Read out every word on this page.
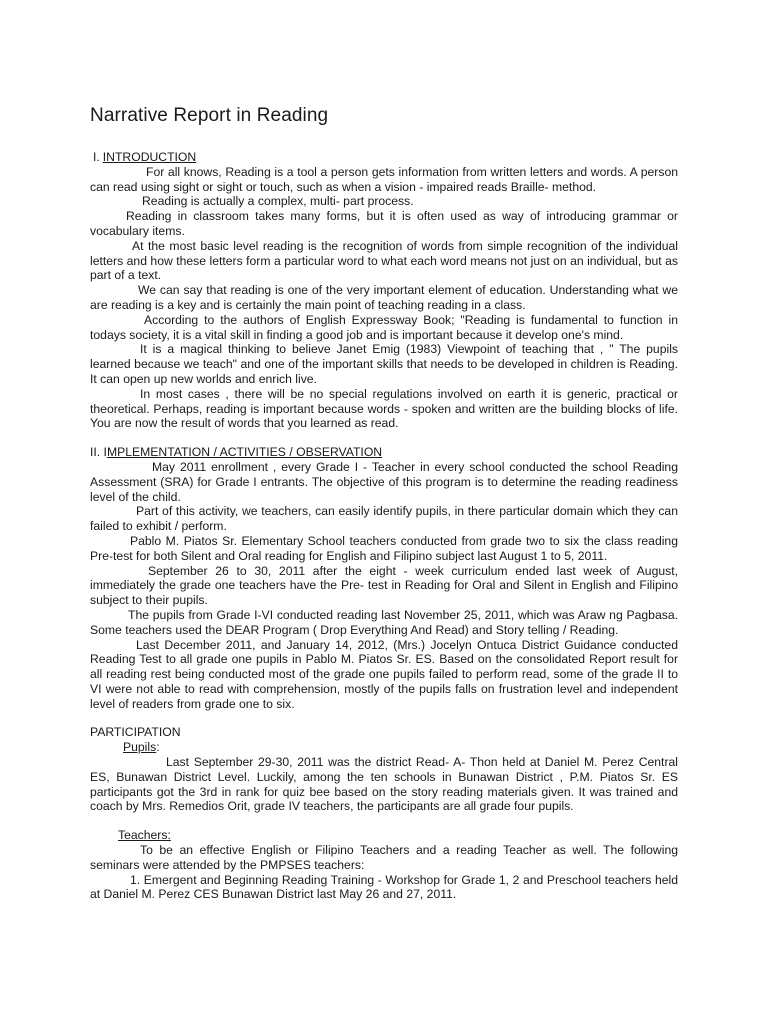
Narrative Report in Reading

I. INTRODUCTION

For all knows, Reading is a tool a person gets information from written letters and words. A person can read using sight or sight or touch, such as when a vision - impaired reads Braille- method.

Reading is actually a complex, multi- part process.

Reading in classroom takes many forms, but it is often used as way of introducing grammar or vocabulary items.

At the most basic level reading is the recognition of words from simple recognition of the individual letters and how these letters form a particular word to what each word means not just on an individual, but as part of a text.

We can say that reading is one of the very important element of education. Understanding what we are reading is a key and is certainly the main point of teaching reading in a class.

According to the authors of English Expressway Book; "Reading is fundamental to function in todays society, it is a vital skill in finding a good job and is important because it develop one's mind.

It is a magical thinking to believe Janet Emig (1983) Viewpoint of teaching that , " The pupils learned because we teach" and one of the important skills that needs to be developed in children is Reading. It can open up new worlds and enrich live.

In most cases , there will be no special regulations involved on earth it is generic, practical or theoretical. Perhaps, reading is important because words - spoken and written are the building blocks of life. You are now the result of words that you learned as read.

II. IMPLEMENTATION / ACTIVITIES / OBSERVATION

May 2011 enrollment , every Grade I - Teacher in every school conducted the school Reading Assessment (SRA) for Grade I entrants. The objective of this program is to determine the reading readiness level of the child.

Part of this activity, we teachers, can easily identify pupils, in there particular domain which they can failed to exhibit / perform.

Pablo M. Piatos Sr. Elementary School teachers conducted from grade two to six the class reading Pre-test for both Silent and Oral reading for English and Filipino subject last August 1 to 5, 2011.

September 26 to 30, 2011 after the eight - week curriculum ended last week of August, immediately the grade one teachers have the Pre- test in Reading for Oral and Silent in English and Filipino subject to their pupils.

The pupils from Grade I-VI conducted reading last November 25, 2011, which was Araw ng Pagbasa. Some teachers used the DEAR Program ( Drop Everything And Read) and Story telling / Reading.

Last December 2011, and January 14, 2012, (Mrs.) Jocelyn Ontuca District Guidance conducted Reading Test to all grade one pupils in Pablo M. Piatos Sr. ES. Based on the consolidated Report result for all reading rest being conducted most of the grade one pupils failed to perform read, some of the grade II to VI were not able to read with comprehension, mostly of the pupils falls on frustration level and independent level of readers from grade one to six.

PARTICIPATION

Pupils:

Last September 29-30, 2011 was the district Read- A- Thon held at Daniel M. Perez Central ES, Bunawan District Level. Luckily, among the ten schools in Bunawan District , P.M. Piatos Sr. ES participants got the 3rd in rank for quiz bee based on the story reading materials given. It was trained and coach by Mrs. Remedios Orit, grade IV teachers, the participants are all grade four pupils.

Teachers:

To be an effective English or Filipino Teachers and a reading Teacher as well. The following seminars were attended by the PMPSES teachers:

1. Emergent and Beginning Reading Training - Workshop for Grade 1, 2 and Preschool teachers held at Daniel M. Perez CES Bunawan District last May 26 and 27, 2011.
